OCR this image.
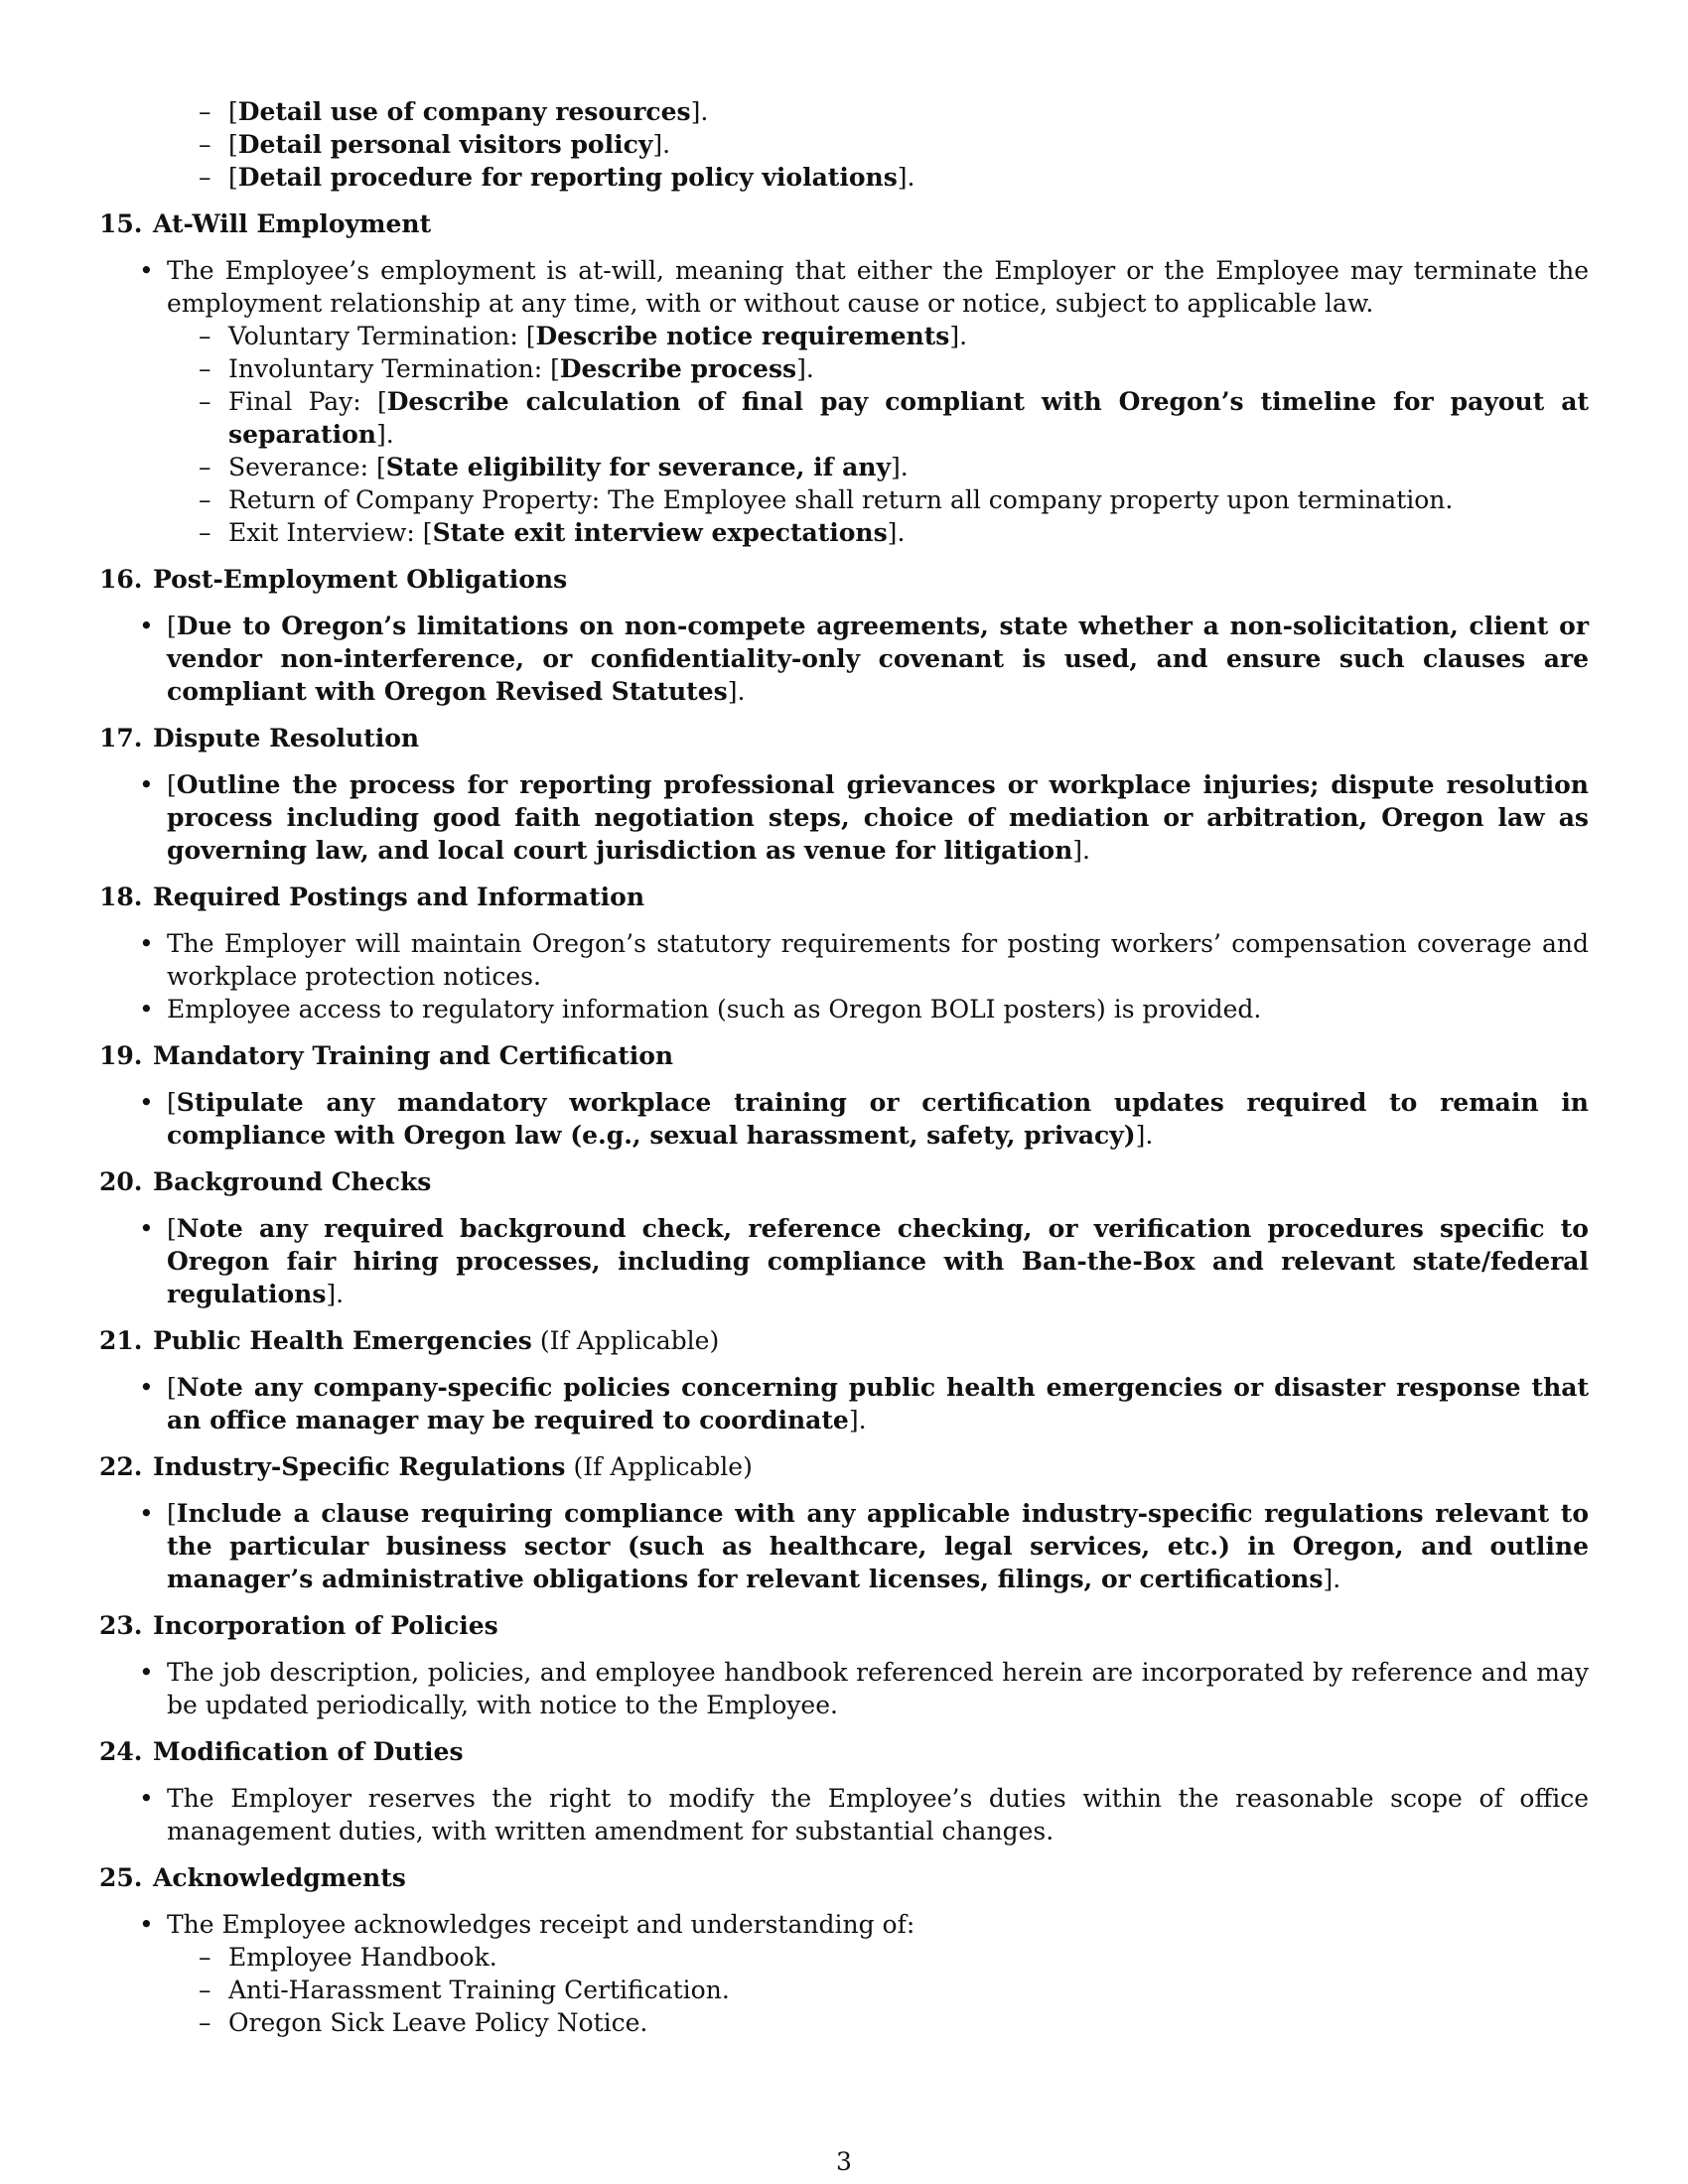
– [Detail use of company resources].
– [Detail personal visitors policy].
– [Detail procedure for reporting policy violations].
15. At-Will Employment
• The Employee’s employment is at-will, meaning that either the Employer or the Employee may terminate the employment relationship at any time, with or without cause or notice, subject to applicable law.
– Voluntary Termination: [Describe notice requirements].
– Involuntary Termination: [Describe process].
– Final Pay: [Describe calculation of final pay compliant with Oregon’s timeline for payout at separation].
– Severance: [State eligibility for severance, if any].
– Return of Company Property: The Employee shall return all company property upon termination.
– Exit Interview: [State exit interview expectations].
16. Post-Employment Obligations
• [Due to Oregon’s limitations on non-compete agreements, state whether a non-solicitation, client or vendor non-interference, or confidentiality-only covenant is used, and ensure such clauses are compliant with Oregon Revised Statutes].
17. Dispute Resolution
• [Outline the process for reporting professional grievances or workplace injuries; dispute resolution process including good faith negotiation steps, choice of mediation or arbitration, Oregon law as governing law, and local court jurisdiction as venue for litigation].
18. Required Postings and Information
• The Employer will maintain Oregon’s statutory requirements for posting workers’ compensation coverage and workplace protection notices.
• Employee access to regulatory information (such as Oregon BOLI posters) is provided.
19. Mandatory Training and Certification
• [Stipulate any mandatory workplace training or certification updates required to remain in compliance with Oregon law (e.g., sexual harassment, safety, privacy)].
20. Background Checks
• [Note any required background check, reference checking, or verification procedures specific to Oregon fair hiring processes, including compliance with Ban-the-Box and relevant state/federal regulations].
21. Public Health Emergencies (If Applicable)
• [Note any company-specific policies concerning public health emergencies or disaster response that an office manager may be required to coordinate].
22. Industry-Specific Regulations (If Applicable)
• [Include a clause requiring compliance with any applicable industry-specific regulations relevant to the particular business sector (such as healthcare, legal services, etc.) in Oregon, and outline manager’s administrative obligations for relevant licenses, filings, or certifications].
23. Incorporation of Policies
• The job description, policies, and employee handbook referenced herein are incorporated by reference and may be updated periodically, with notice to the Employee.
24. Modification of Duties
• The Employer reserves the right to modify the Employee’s duties within the reasonable scope of office management duties, with written amendment for substantial changes.
25. Acknowledgments
• The Employee acknowledges receipt and understanding of:
– Employee Handbook.
– Anti-Harassment Training Certification.
– Oregon Sick Leave Policy Notice.
3
